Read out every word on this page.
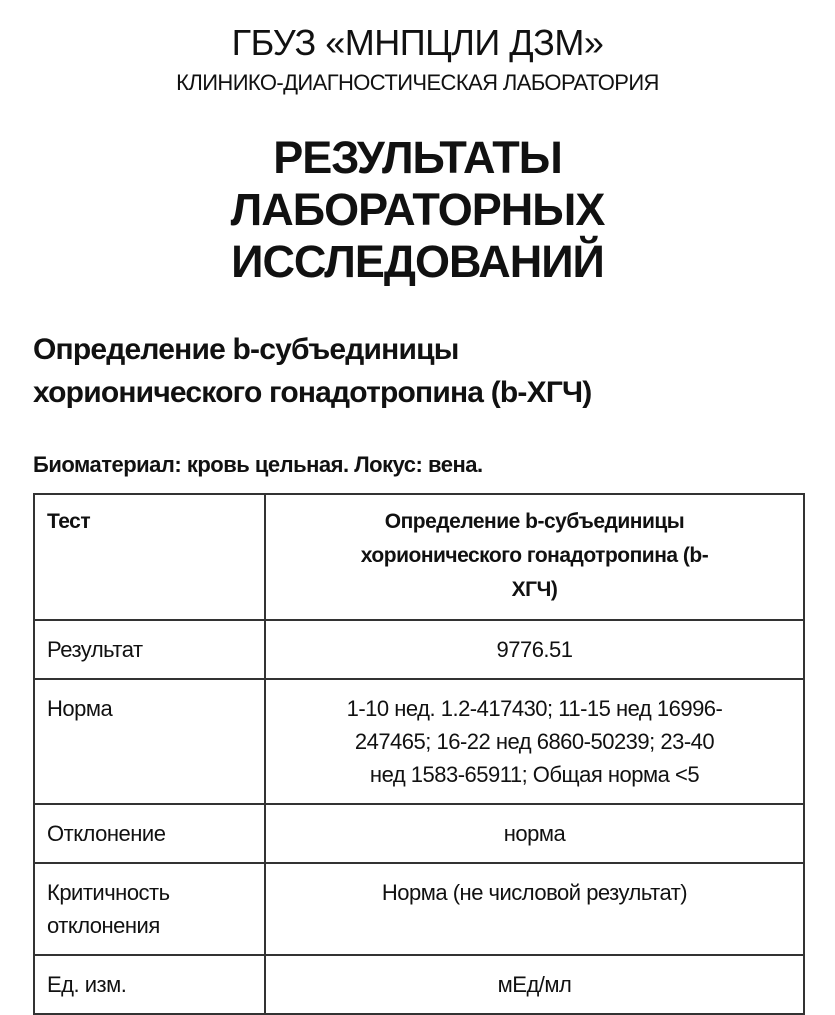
ГБУЗ «МНПЦЛИ ДЗМ»
КЛИНИКО-ДИАГНОСТИЧЕСКАЯ ЛАБОРАТОРИЯ
РЕЗУЛЬТАТЫ
ЛАБОРАТОРНЫХ
ИССЛЕДОВАНИЙ
Определение b-субъединицы
хорионического гонадотропина (b-ХГЧ)
Биоматериал: кровь цельная. Локус: вена.
Тест	Определение b-субъединицы
хорионического гонадотропина (b-
ХГЧ)

Результат	9776.51
Норма	1-10 нед. 1.2-417430; 11-15 нед 16996-
247465; 16-22 нед 6860-50239; 23-40
нед 1583-65911; Общая норма <5

Отклонение	норма

Критичность
отклонения	Норма (не числовой результат)
Ед. изм.	мЕд/мл
